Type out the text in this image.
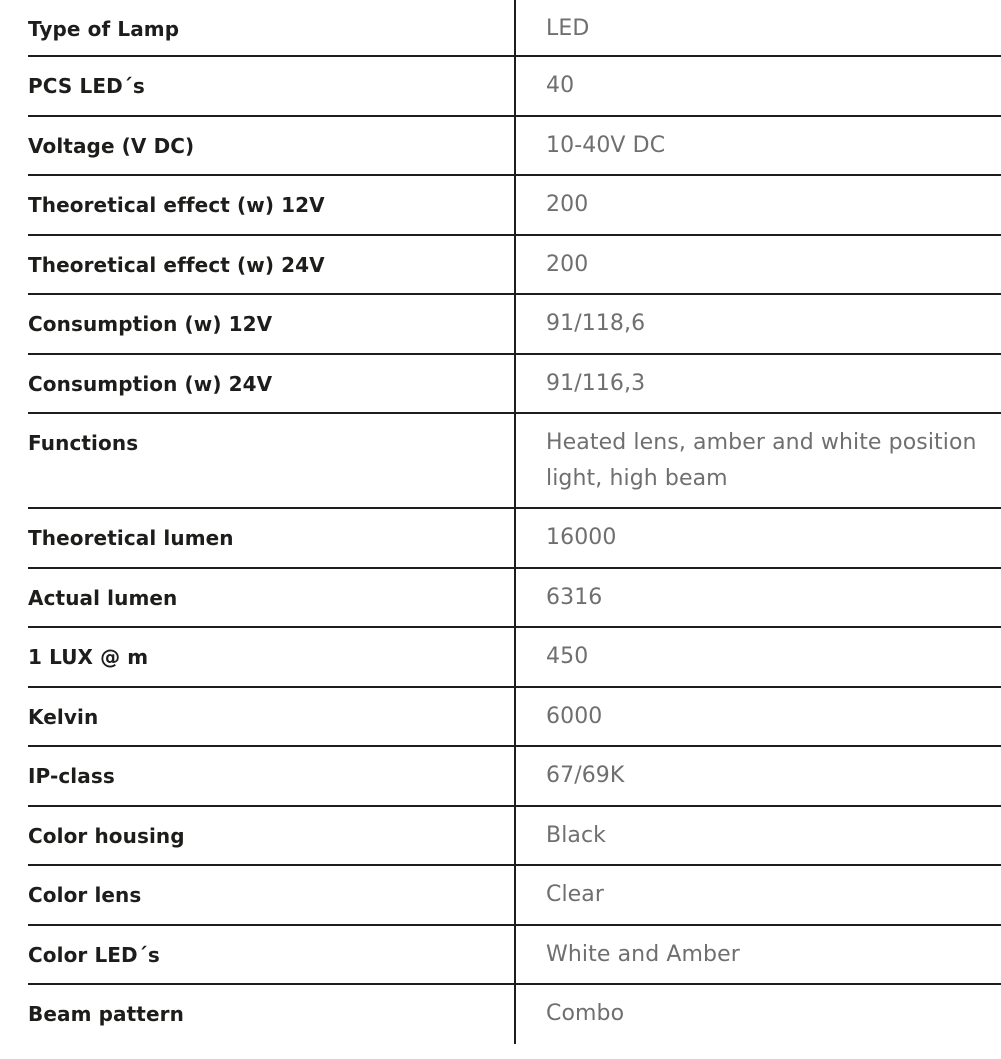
Type of Lamp	LED
PCS LED´s	40
Voltage (V DC)	10-40V DC
Theoretical effect (w) 12V	200
Theoretical effect (w) 24V	200
Consumption (w) 12V	91/118,6
Consumption (w) 24V	91/116,3
Functions	Heated lens, amber and white position light, high beam
Theoretical lumen	16000
Actual lumen	6316
1 LUX @ m	450
Kelvin	6000
IP-class	67/69K
Color housing	Black
Color lens	Clear
Color LED´s	White and Amber
Beam pattern	Combo
